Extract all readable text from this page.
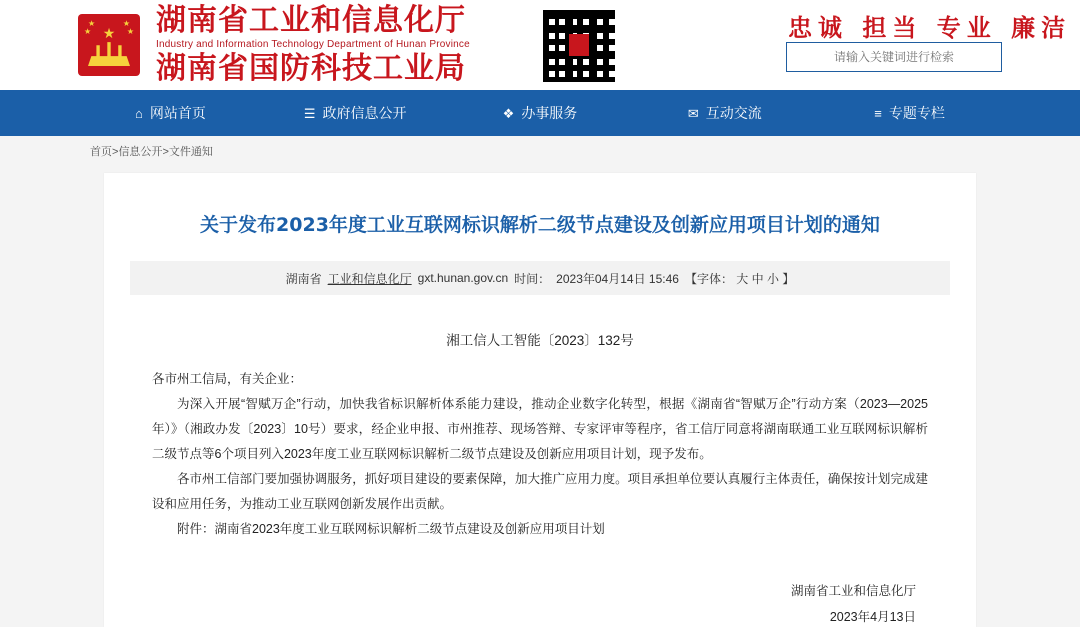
★
★
★
★
★ 湖南省工业和信息化厅
Industry and Information Technology Department of Hunan Province
湖南省国防科技工业局
忠诚 担当 专业 廉洁
请输入关键词进行检索
⌂ 网站首页	☰ 政府信息公开	❖ 办事服务	✉ 互动交流	≡ 专题专栏
首页>信息公开>文件通知
关于发布2023年度工业互联网标识解析二级节点建设及创新应用项目计划的通知
湖南省 工业和信息化厅 gxt.hunan.gov.cn 时间： 2023年04月14日 15:46 【字体： 大 中 小 】
湘工信人工智能〔2023〕132号

各市州工信局，有关企业：

为深入开展“智赋万企”行动，加快我省标识解析体系能力建设，推动企业数字化转型，根据《湖南省“智赋万企”行动方案（2023—2025年）》（湘政办发〔2023〕10号）要求，经企业申报、市州推荐、现场答辩、专家评审等程序，省工信厅同意将湖南联通工业互联网标识解析二级节点等6个项目列入2023年度工业互联网标识解析二级节点建设及创新应用项目计划，现予发布。

各市州工信部门要加强协调服务，抓好项目建设的要素保障，加大推广应用力度。项目承担单位要认真履行主体责任，确保按计划完成建设和应用任务，为推动工业互联网创新发展作出贡献。

附件：湖南省2023年度工业互联网标识解析二级节点建设及创新应用项目计划

湖南省工业和信息化厅
2023年4月13日
